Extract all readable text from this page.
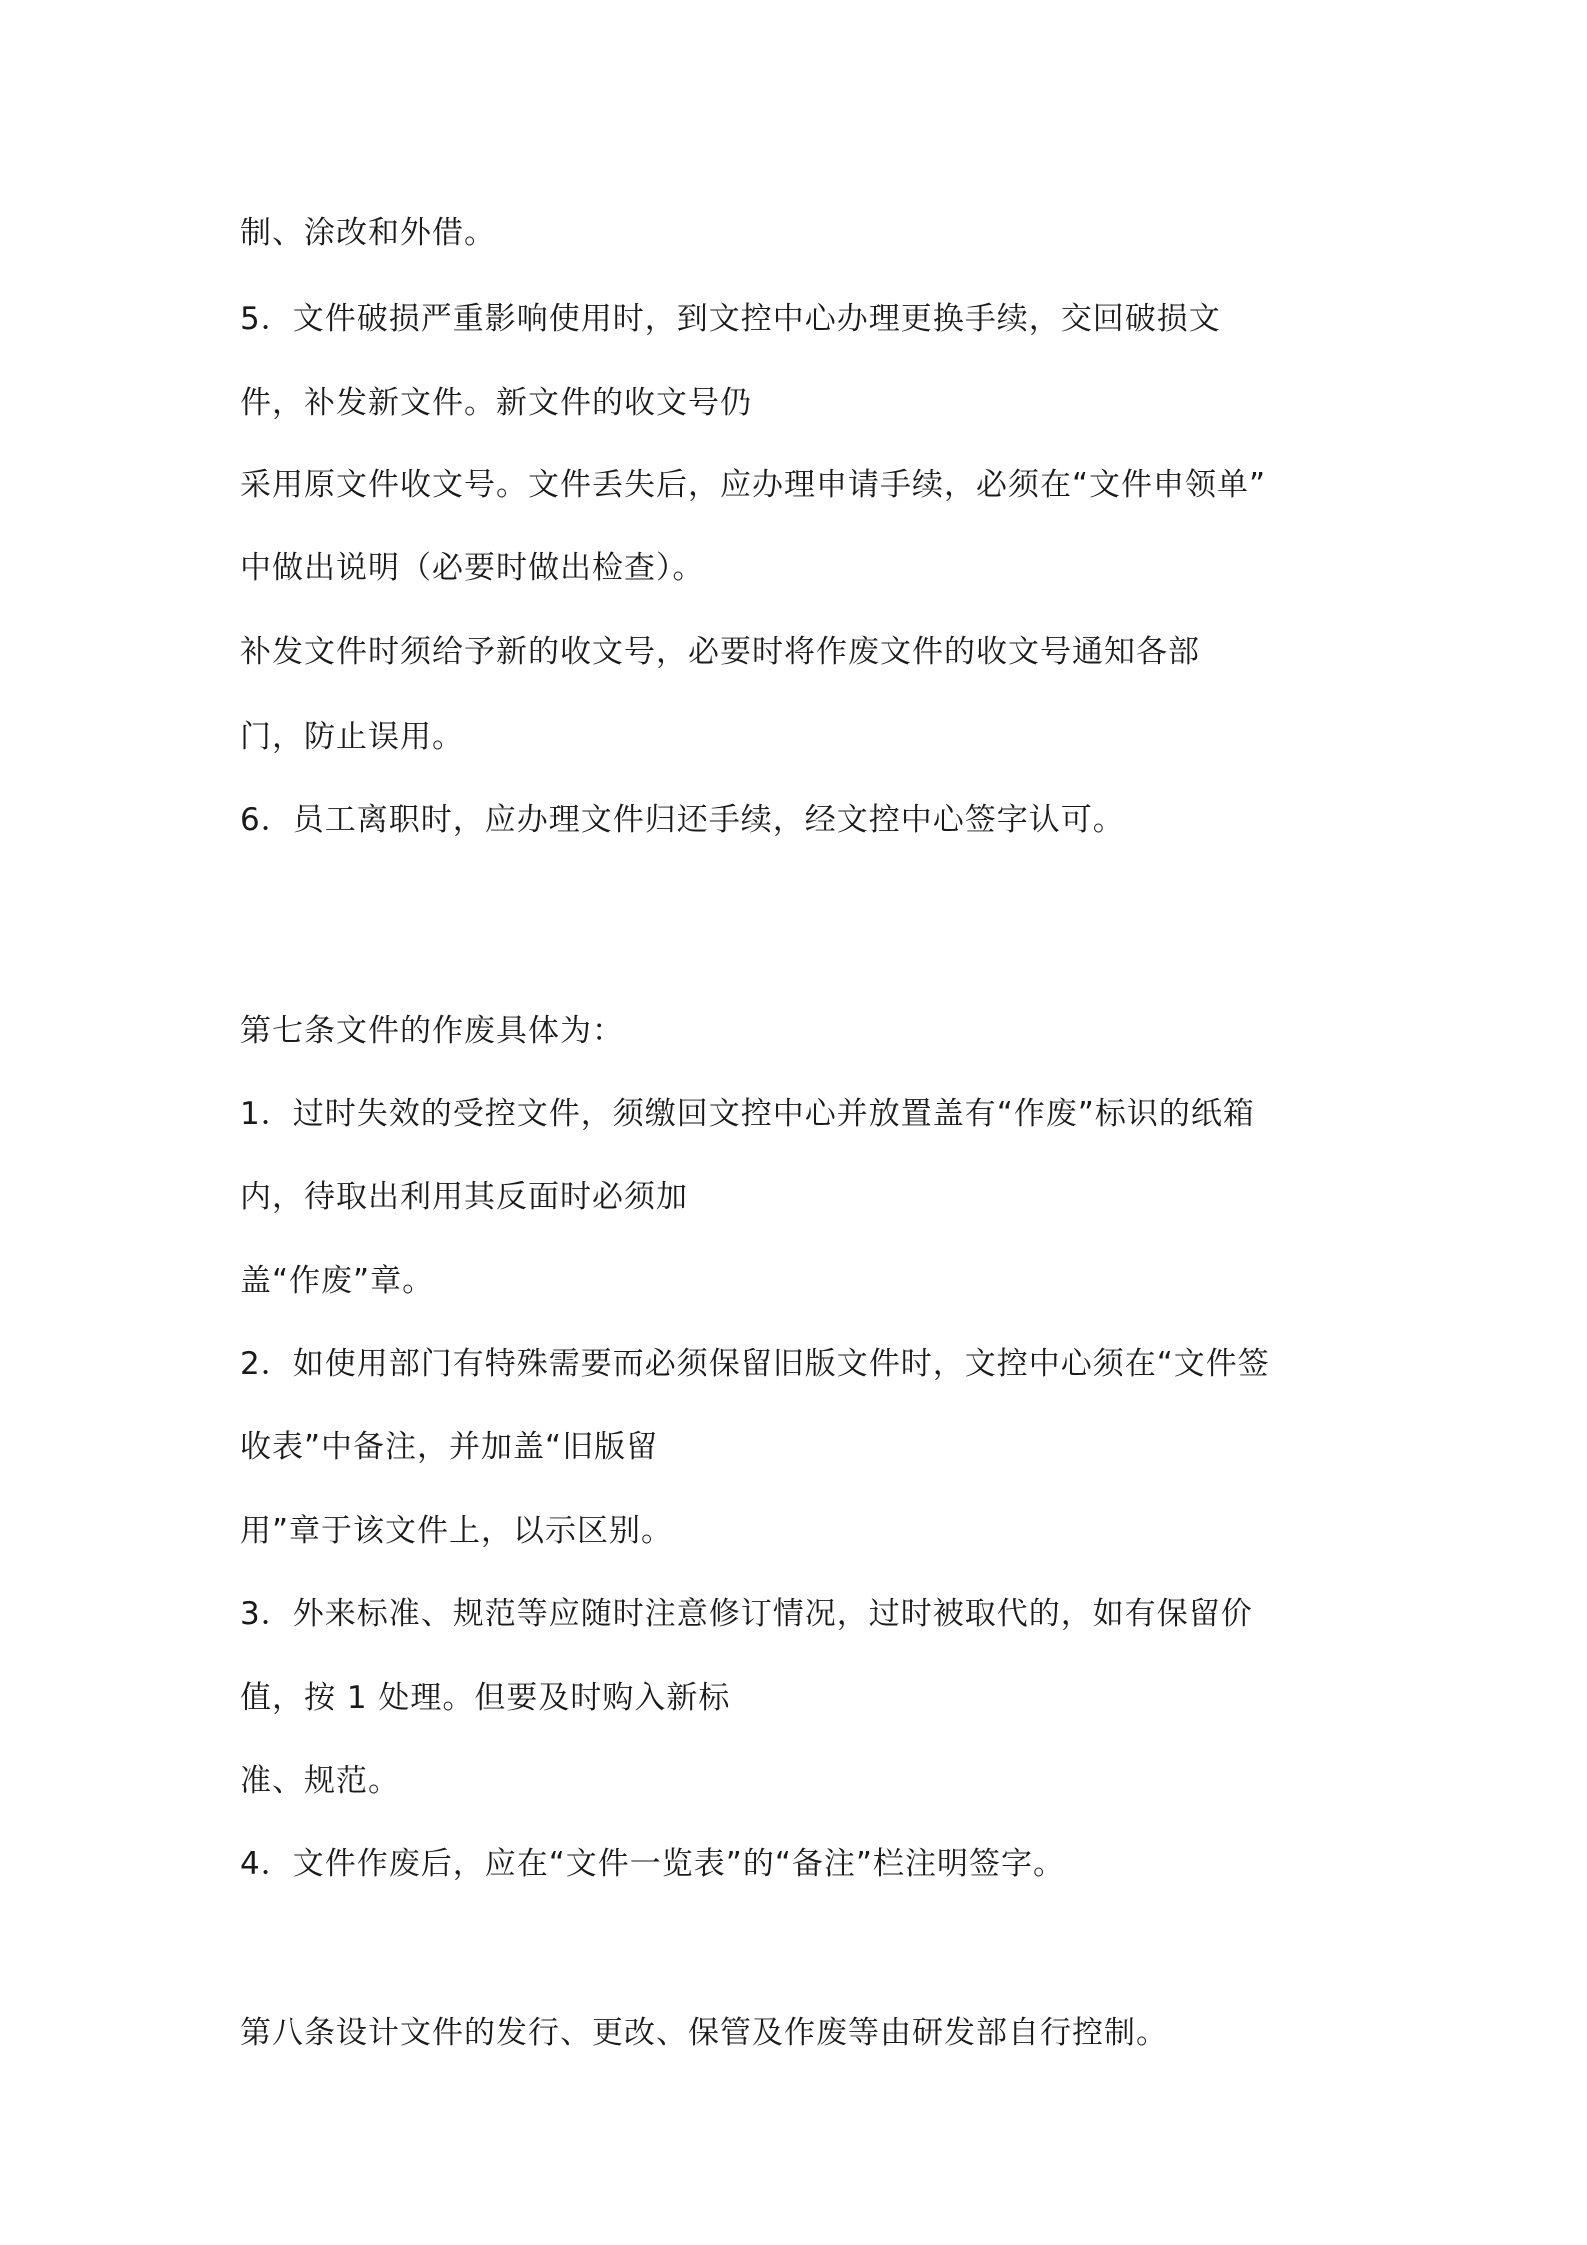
制、涂改和外借。
5．文件破损严重影响使用时，到文控中心办理更换手续，交回破损文
件，补发新文件。新文件的收文号仍
采用原文件收文号。文件丢失后，应办理申请手续，必须在“文件申领单”
中做出说明（必要时做出检查）。
补发文件时须给予新的收文号，必要时将作废文件的收文号通知各部
门，防止误用。
6．员工离职时，应办理文件归还手续，经文控中心签字认可。
第七条文件的作废具体为：
1．过时失效的受控文件，须缴回文控中心并放置盖有“作废”标识的纸箱
内，待取出利用其反面时必须加
盖“作废”章。
2．如使用部门有特殊需要而必须保留旧版文件时，文控中心须在“文件签
收表”中备注，并加盖“旧版留
用”章于该文件上，以示区别。
3．外来标准、规范等应随时注意修订情况，过时被取代的，如有保留价
值，按 1 处理。但要及时购入新标
准、规范。
4．文件作废后，应在“文件一览表”的“备注”栏注明签字。
第八条设计文件的发行、更改、保管及作废等由研发部自行控制。
